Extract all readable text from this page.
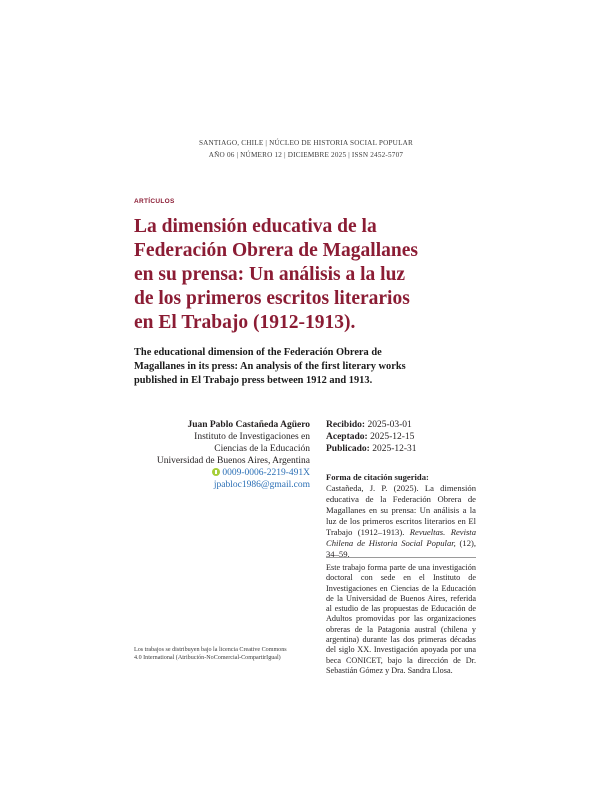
SANTIAGO, CHILE | NÚCLEO DE HISTORIA SOCIAL POPULAR
AÑO 06 | NÚMERO 12 | DICIEMBRE 2025 | ISSN 2452-5707
ARTÍCULOS
La dimensión educativa de la
Federación Obrera de Magallanes
en su prensa: Un análisis a la luz
de los primeros escritos literarios
en El Trabajo (1912-1913).

The educational dimension of the Federación Obrera de
Magallanes in its press: An analysis of the first literary works
published in El Trabajo press between 1912 and 1913.

Juan Pablo Castañeda Agüero
Instituto de Investigaciones en
Ciencias de la Educación
Universidad de Buenos Aires, Argentina
0009-0006-2219-491X
jpabloc1986@gmail.com
Recibido: 2025-03-01
Aceptado: 2025-12-15
Publicado: 2025-12-31
Forma de citación sugerida:
Castañeda, J. P. (2025). La dimensión educativa de la Federación Obrera de Magallanes en su prensa: Un análisis a la luz de los primeros escritos literarios en El Trabajo (1912–1913). Revueltas. Revista Chilena de Historia Social Popular, (12), 34–59.
Este trabajo forma parte de una investigación doctoral con sede en el Instituto de Investigaciones en Ciencias de la Educación de la Universidad de Buenos Aires, referida al estudio de las propuestas de Educación de Adultos promovidas por las organizaciones obreras de la Patagonia austral (chilena y argentina) durante las dos primeras décadas del siglo XX. Investigación apoyada por una beca CONICET, bajo la dirección de Dr. Sebastián Gómez y Dra. Sandra Llosa.
Los trabajos se distribuyen bajo la licencia Creative Commons
4.0 International (Atribución-NoComercial-CompartirIgual)
